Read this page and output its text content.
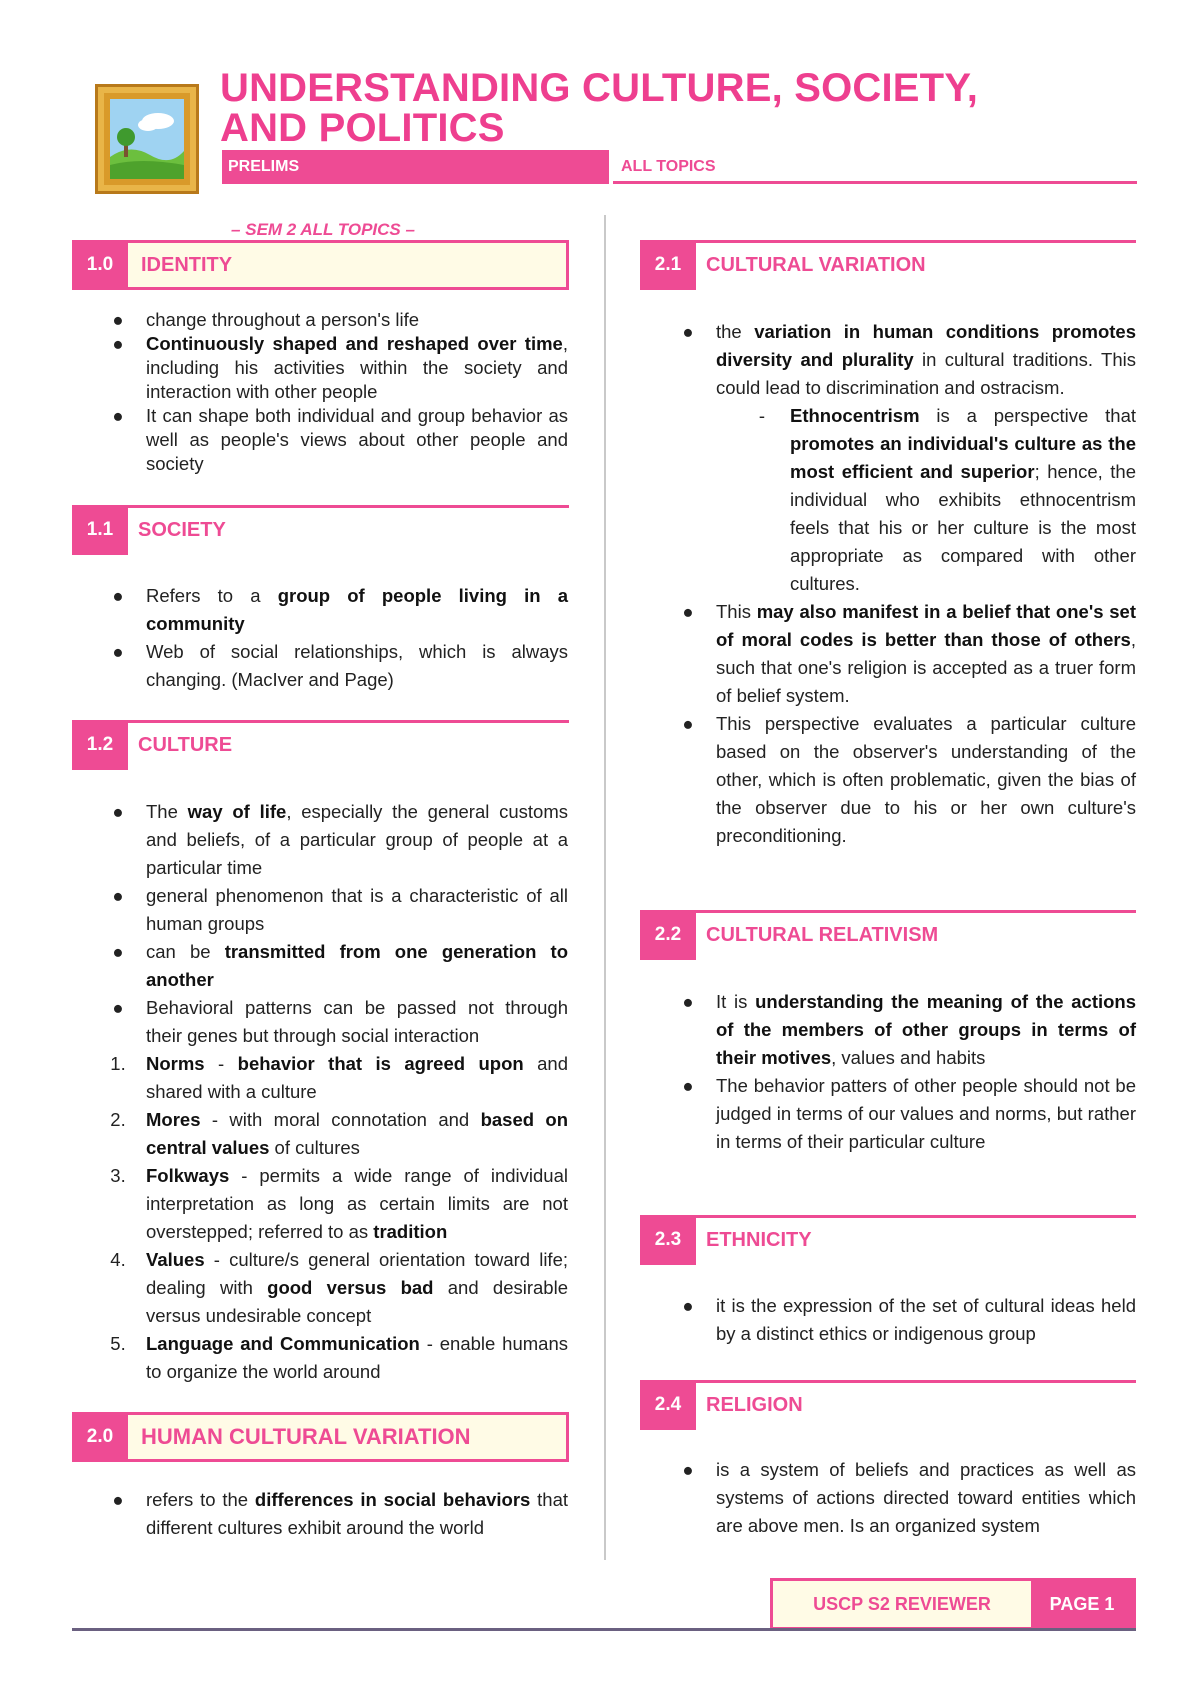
UNDERSTANDING CULTURE, SOCIETY,
AND POLITICS
PRELIMS	ALL TOPICS
– SEM 2 ALL TOPICS –
1.0	IDENTITY
● change throughout a person's life
● Continuously shaped and reshaped over time, including his activities within the society and interaction with other people
● It can shape both individual and group behavior as well as people's views about other people and society
1.1	SOCIETY
● Refers to a group of people living in a community
● Web of social relationships, which is always changing. (MacIver and Page)
1.2	CULTURE
● The way of life, especially the general customs and beliefs, of a particular group of people at a particular time
● general phenomenon that is a characteristic of all human groups
● can be transmitted from one generation to another
● Behavioral patterns can be passed not through their genes but through social interaction
1. Norms - behavior that is agreed upon and shared with a culture
2. Mores - with moral connotation and based on central values of cultures
3. Folkways - permits a wide range of individual interpretation as long as certain limits are not overstepped; referred to as tradition
4. Values - culture/s general orientation toward life; dealing with good versus bad and desirable versus undesirable concept
5. Language and Communication - enable humans to organize the world around
2.0	HUMAN CULTURAL VARIATION
● refers to the differences in social behaviors that different cultures exhibit around the world
2.1	CULTURAL VARIATION
● the variation in human conditions promotes diversity and plurality in cultural traditions. This could lead to discrimination and ostracism.
-	Ethnocentrism is a perspective that promotes an individual's culture as the most efficient and superior; hence, the individual who exhibits ethnocentrism feels that his or her culture is the most appropriate as compared with other cultures.
● This may also manifest in a belief that one's set of moral codes is better than those of others, such that one's religion is accepted as a truer form of belief system.
● This perspective evaluates a particular culture based on the observer's understanding of the other, which is often problematic, given the bias of the observer due to his or her own culture's preconditioning.
2.2	CULTURAL RELATIVISM
● It is understanding the meaning of the actions of the members of other groups in terms of their motives, values and habits
● The behavior patters of other people should not be judged in terms of our values and norms, but rather in terms of their particular culture
2.3	ETHNICITY
● it is the expression of the set of cultural ideas held by a distinct ethics or indigenous group
2.4	RELIGION
● is a system of beliefs and practices as well as systems of actions directed toward entities which are above men. Is an organized system
USCP S2 REVIEWER	PAGE 1
